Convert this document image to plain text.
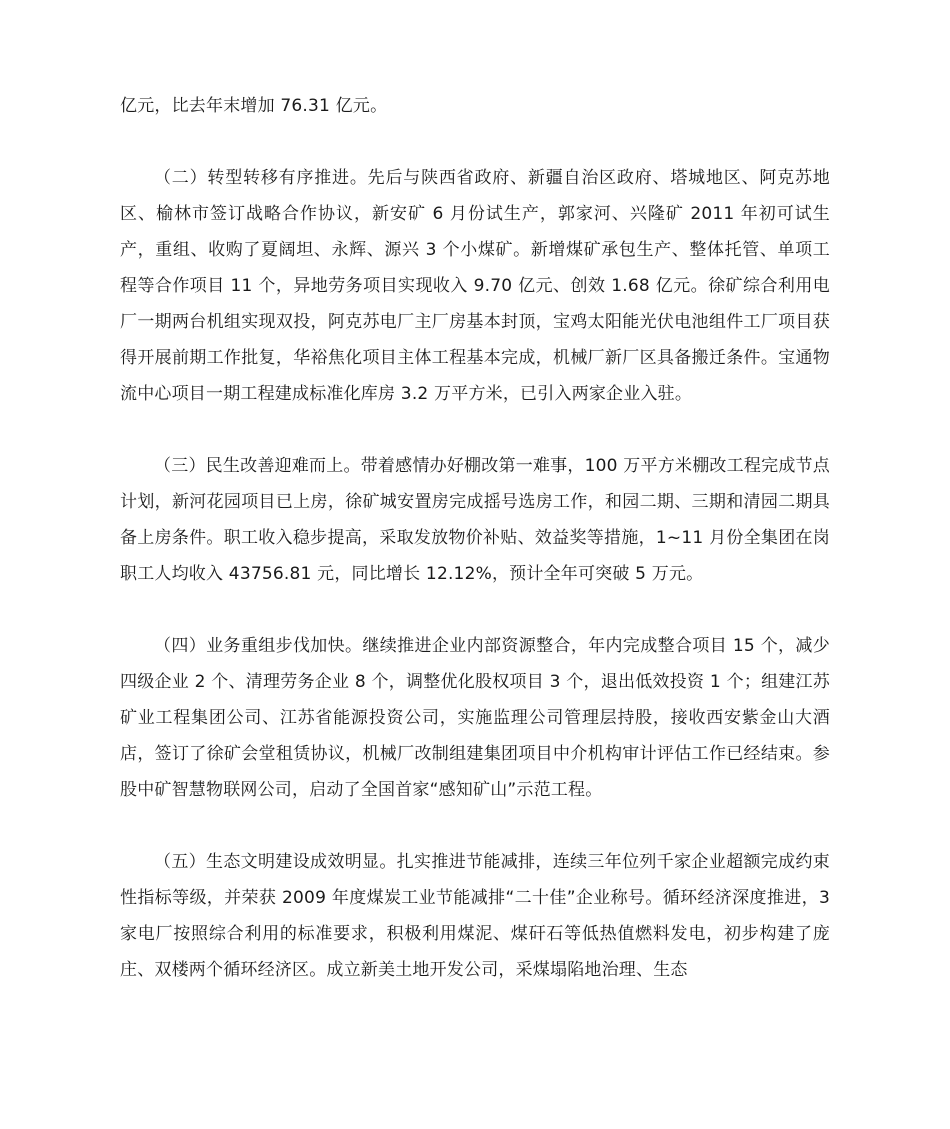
亿元，比去年末增加 76.31 亿元。

（二）转型转移有序推进。先后与陕西省政府、新疆自治区政府、塔城地区、阿克苏地区、榆林市签订战略合作协议，新安矿 6 月份试生产，郭家河、兴隆矿 2011 年初可试生产，重组、收购了夏阔坦、永辉、源兴 3 个小煤矿。新增煤矿承包生产、整体托管、单项工程等合作项目 11 个，异地劳务项目实现收入 9.70 亿元、创效 1.68 亿元。徐矿综合利用电厂一期两台机组实现双投，阿克苏电厂主厂房基本封顶，宝鸡太阳能光伏电池组件工厂项目获得开展前期工作批复，华裕焦化项目主体工程基本完成，机械厂新厂区具备搬迁条件。宝通物流中心项目一期工程建成标准化库房 3.2 万平方米，已引入两家企业入驻。

（三）民生改善迎难而上。带着感情办好棚改第一难事，100 万平方米棚改工程完成节点计划，新河花园项目已上房，徐矿城安置房完成摇号选房工作，和园二期、三期和清园二期具备上房条件。职工收入稳步提高，采取发放物价补贴、效益奖等措施，1~11 月份全集团在岗职工人均收入 43756.81 元，同比增长 12.12%，预计全年可突破 5 万元。

（四）业务重组步伐加快。继续推进企业内部资源整合，年内完成整合项目 15 个，减少四级企业 2 个、清理劳务企业 8 个，调整优化股权项目 3 个，退出低效投资 1 个；组建江苏矿业工程集团公司、江苏省能源投资公司，实施监理公司管理层持股，接收西安紫金山大酒店，签订了徐矿会堂租赁协议，机械厂改制组建集团项目中介机构审计评估工作已经结束。参股中矿智慧物联网公司，启动了全国首家“感知矿山”示范工程。

（五）生态文明建设成效明显。扎实推进节能减排，连续三年位列千家企业超额完成约束性指标等级，并荣获 2009 年度煤炭工业节能减排“二十佳”企业称号。循环经济深度推进，3 家电厂按照综合利用的标准要求，积极利用煤泥、煤矸石等低热值燃料发电，初步构建了庞庄、双楼两个循环经济区。成立新美土地开发公司，采煤塌陷地治理、生态
